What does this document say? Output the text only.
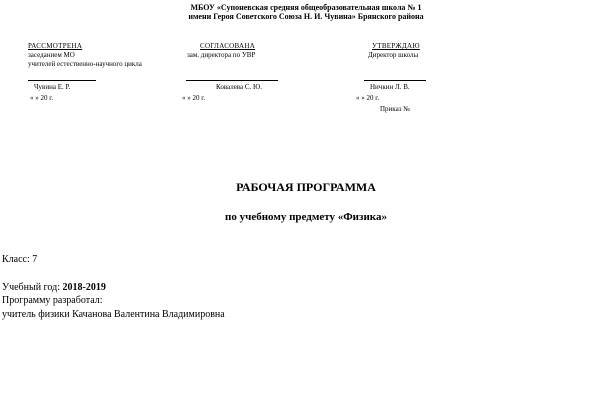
МБОУ «Супоневская средняя общеобразовательная школа № 1
имени Героя Советского Союза Н. И. Чувина» Брянского района
РАССМОТРЕНА
заседанием МО
учителей естественно-научного цикла
Чувина Е. Р.
« » 20 г.
СОГЛАСОВАНА
зам. директора по УВР
Ковалева С. Ю.
« » 20 г.
УТВЕРЖДАЮ
Директор школы
Ничкин Л. В.
« » 20 г.
Приказ №
РАБОЧАЯ ПРОГРАММА
по учебному предмету «Физика»
Класс: 7
Учебный год: 2018-2019
Программу разработал:
учитель физики Качанова Валентина Владимировна
